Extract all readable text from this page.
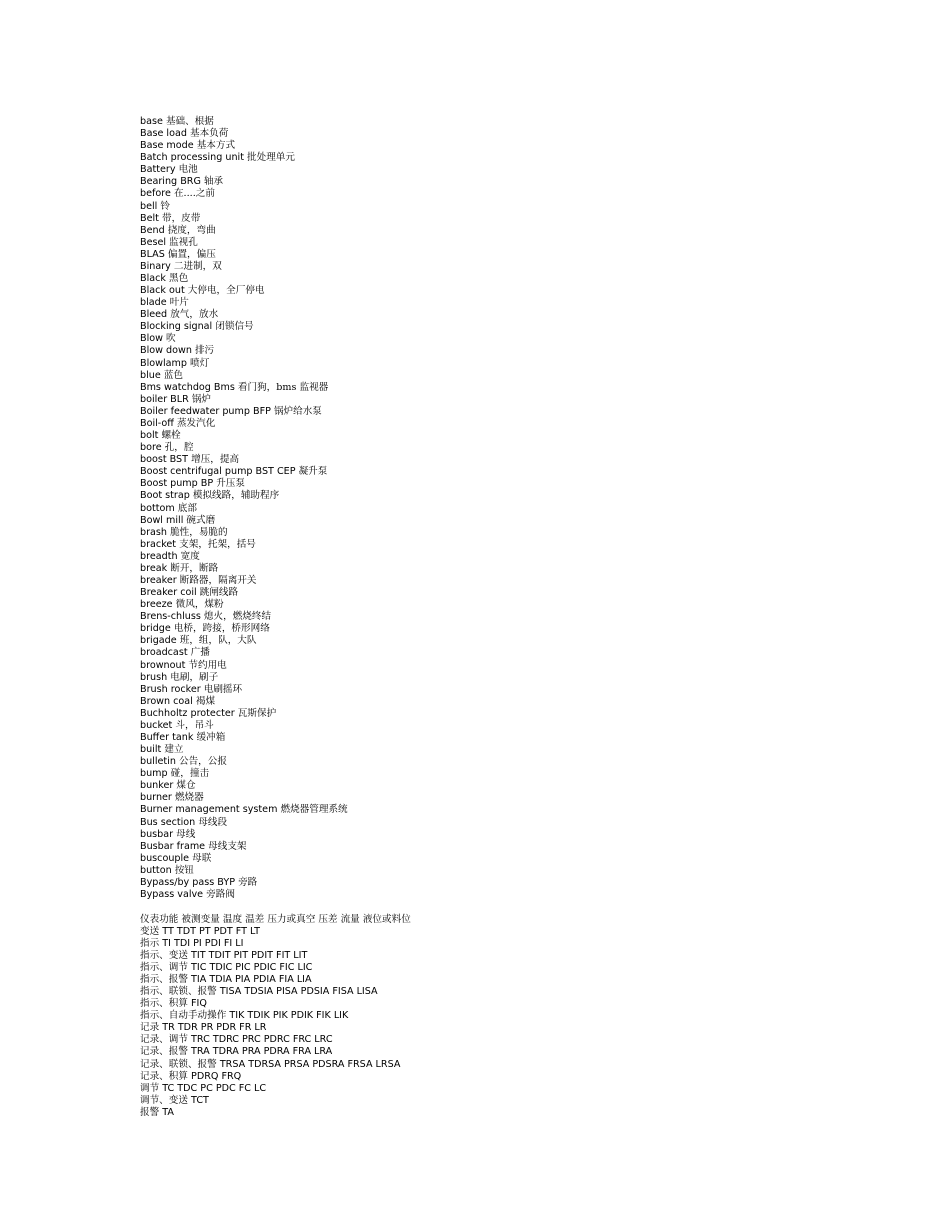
base 基础、根据
Base load 基本负荷
Base mode 基本方式
Batch processing unit 批处理单元
Battery 电池
Bearing BRG 轴承
before 在....之前
bell 铃
Belt 带，皮带
Bend 挠度，弯曲
Besel 监视孔
BLAS 偏置，偏压
Binary 二进制，双
Black 黑色
Black out 大停电，全厂停电
blade 叶片
Bleed 放气，放水
Blocking signal 闭锁信号
Blow 吹
Blow down 排污
Blowlamp 喷灯
blue 蓝色
Bms watchdog Bms 看门狗，bms 监视器
boiler BLR 锅炉
Boiler feedwater pump BFP 锅炉给水泵
Boil-off 蒸发汽化
bolt 螺栓
bore 孔，腔
boost BST 增压，提高
Boost centrifugal pump BST CEP 凝升泵
Boost pump BP 升压泵
Boot strap 模拟线路，辅助程序
bottom 底部
Bowl mill 碗式磨
brash 脆性，易脆的
bracket 支架，托架，括号
breadth 宽度
break 断开，断路
breaker 断路器，隔离开关
Breaker coil 跳闸线路
breeze 微风，煤粉
Brens-chluss 熄火，燃烧终结
bridge 电桥，跨接，桥形网络
brigade 班，组，队，大队
broadcast 广播
brownout 节约用电
brush 电刷，刷子
Brush rocker 电刷摇环
Brown coal 褐煤
Buchholtz protecter 瓦斯保护
bucket 斗，吊斗
Buffer tank 缓冲箱
built 建立
bulletin 公告，公报
bump 碰，撞击
bunker 煤仓
burner 燃烧器
Burner management system 燃烧器管理系统
Bus section 母线段
busbar 母线
Busbar frame 母线支架
buscouple 母联
button 按钮
Bypass/by pass BYP 旁路
Bypass valve 旁路阀
仪表功能 被测变量 温度 温差 压力或真空 压差 流量 液位或料位
变送 TT TDT PT PDT FT LT
指示 TI TDI PI PDI FI LI
指示、变送 TIT TDIT PIT PDIT FIT LIT
指示、调节 TIC TDIC PIC PDIC FIC LIC
指示、报警 TIA TDIA PIA PDIA FIA LIA
指示、联锁、报警 TISA TDSIA PISA PDSIA FISA LISA
指示、积算 FIQ
指示、自动手动操作 TIK TDIK PIK PDIK FIK LIK
记录 TR TDR PR PDR FR LR
记录、调节 TRC TDRC PRC PDRC FRC LRC
记录、报警 TRA TDRA PRA PDRA FRA LRA
记录、联锁、报警 TRSA TDRSA PRSA PDSRA FRSA LRSA
记录、积算 PDRQ FRQ
调节 TC TDC PC PDC FC LC
调节、变送 TCT
报警 TA
